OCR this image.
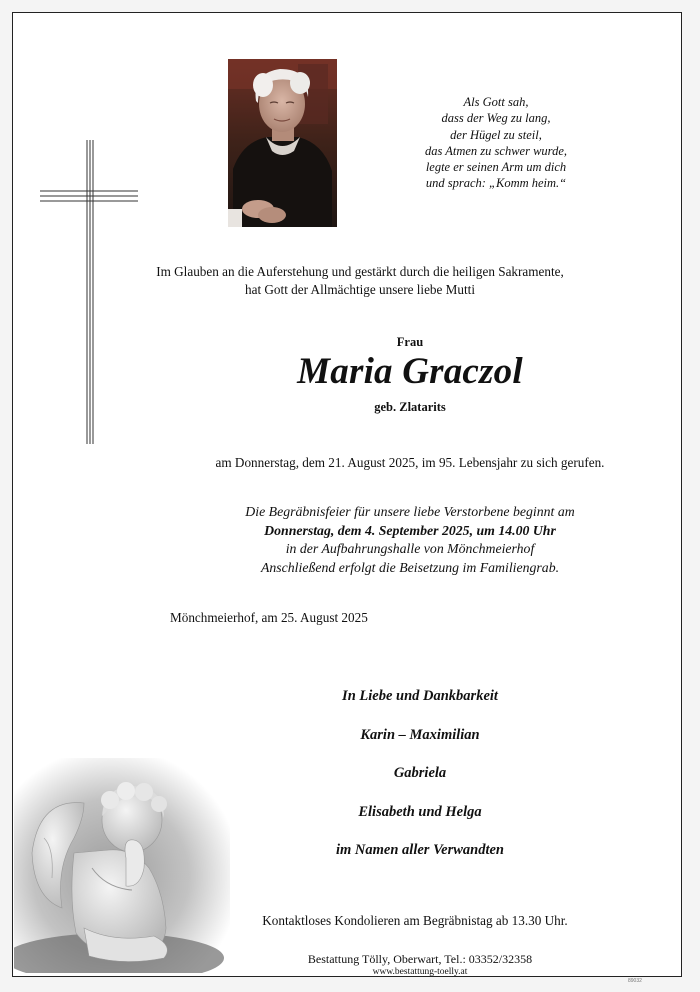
Als Gott sah,
dass der Weg zu lang,
der Hügel zu steil,
das Atmen zu schwer wurde,
legte er seinen Arm um dich
und sprach: „Komm heim.“
Im Glauben an die Auferstehung und gestärkt durch die heiligen Sakramente,
hat Gott der Allmächtige unsere liebe Mutti
Frau
Maria Graczol
geb. Zlatarits
am Donnerstag, dem 21. August 2025, im 95. Lebensjahr zu sich gerufen.
Die Begräbnisfeier für unsere liebe Verstorbene beginnt am
Donnerstag, dem 4. September 2025, um 14.00 Uhr
in der Aufbahrungshalle von Mönchmeierhof
Anschließend erfolgt die Beisetzung im Familiengrab.
Mönchmeierhof, am 25. August 2025
In Liebe und Dankbarkeit
Karin – Maximilian
Gabriela
Elisabeth und Helga
im Namen aller Verwandten
Kontaktloses Kondolieren am Begräbnistag ab 13.30 Uhr.
Bestattung Tölly, Oberwart, Tel.: 03352/32358
www.bestattung-toelly.at
89032
